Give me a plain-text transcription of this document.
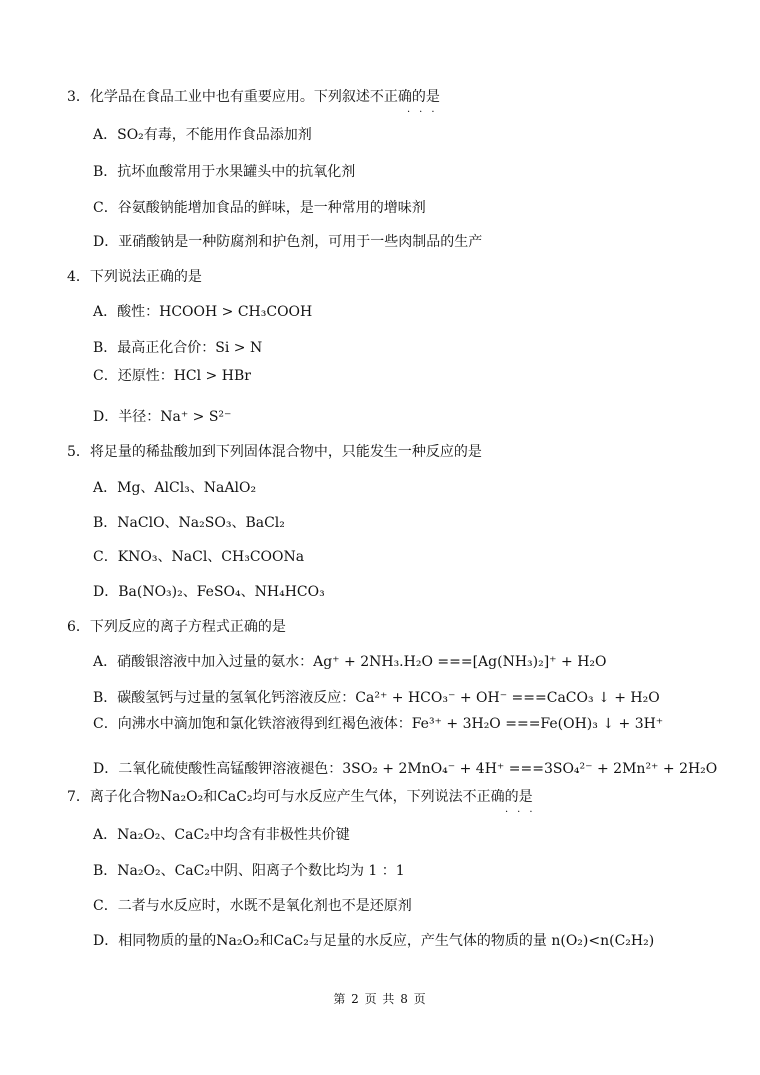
3．化学品在食品工业中也有重要应用。下列叙述不正确的是
···
A．SO₂有毒，不能用作食品添加剂
B．抗坏血酸常用于水果罐头中的抗氧化剂
C．谷氨酸钠能增加食品的鲜味，是一种常用的增味剂
D．亚硝酸钠是一种防腐剂和护色剂，可用于一些肉制品的生产
4．下列说法正确的是
A．酸性：HCOOH > CH₃COOH
B．最高正化合价：Si > N
C．还原性：HCl > HBr
D．半径：Na⁺ > S²⁻
5．将足量的稀盐酸加到下列固体混合物中，只能发生一种反应的是
A．Mg、AlCl₃、NaAlO₂
B．NaClO、Na₂SO₃、BaCl₂
C．KNO₃、NaCl、CH₃COONa
D．Ba(NO₃)₂、FeSO₄、NH₄HCO₃
6．下列反应的离子方程式正确的是
A．硝酸银溶液中加入过量的氨水：Ag⁺ + 2NH₃.H₂O ===[Ag(NH₃)₂]⁺ + H₂O
B．碳酸氢钙与过量的氢氧化钙溶液反应：Ca²⁺ + HCO₃⁻ + OH⁻ ===CaCO₃ ↓ + H₂O
C．向沸水中滴加饱和氯化铁溶液得到红褐色液体：Fe³⁺ + 3H₂O ===Fe(OH)₃ ↓ + 3H⁺
D．二氧化硫使酸性高锰酸钾溶液褪色：3SO₂ + 2MnO₄⁻ + 4H⁺ ===3SO₄²⁻ + 2Mn²⁺ + 2H₂O
7．离子化合物Na₂O₂和CaC₂均可与水反应产生气体，下列说法不正确的是
···
A．Na₂O₂、CaC₂中均含有非极性共价键
B．Na₂O₂、CaC₂中阴、阳离子个数比均为 1 ：1
C．二者与水反应时，水既不是氧化剂也不是还原剂
D．相同物质的量的Na₂O₂和CaC₂与足量的水反应，产生气体的物质的量 n(O₂)<n(C₂H₂)
第 2 页 共 8 页
